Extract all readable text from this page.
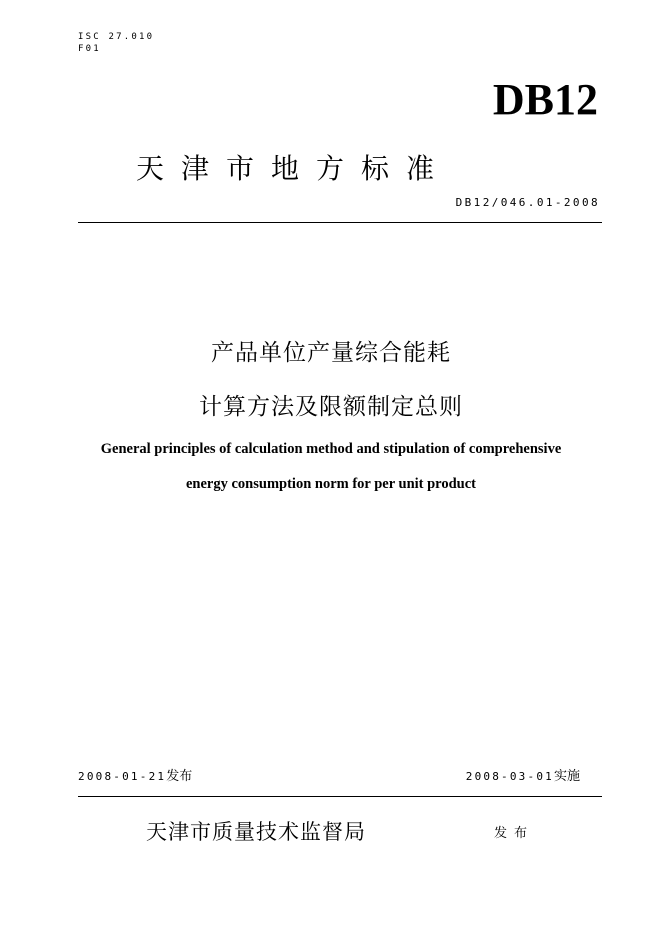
ISC 27.010
F01
DB12
天津市地方标准
DB12/046.01-2008
产品单位产量综合能耗
计算方法及限额制定总则
General principles of calculation method and stipulation of comprehensive
energy consumption norm for per unit product
2008-01-21发布	2008-03-01实施
天津市质量技术监督局	发布
